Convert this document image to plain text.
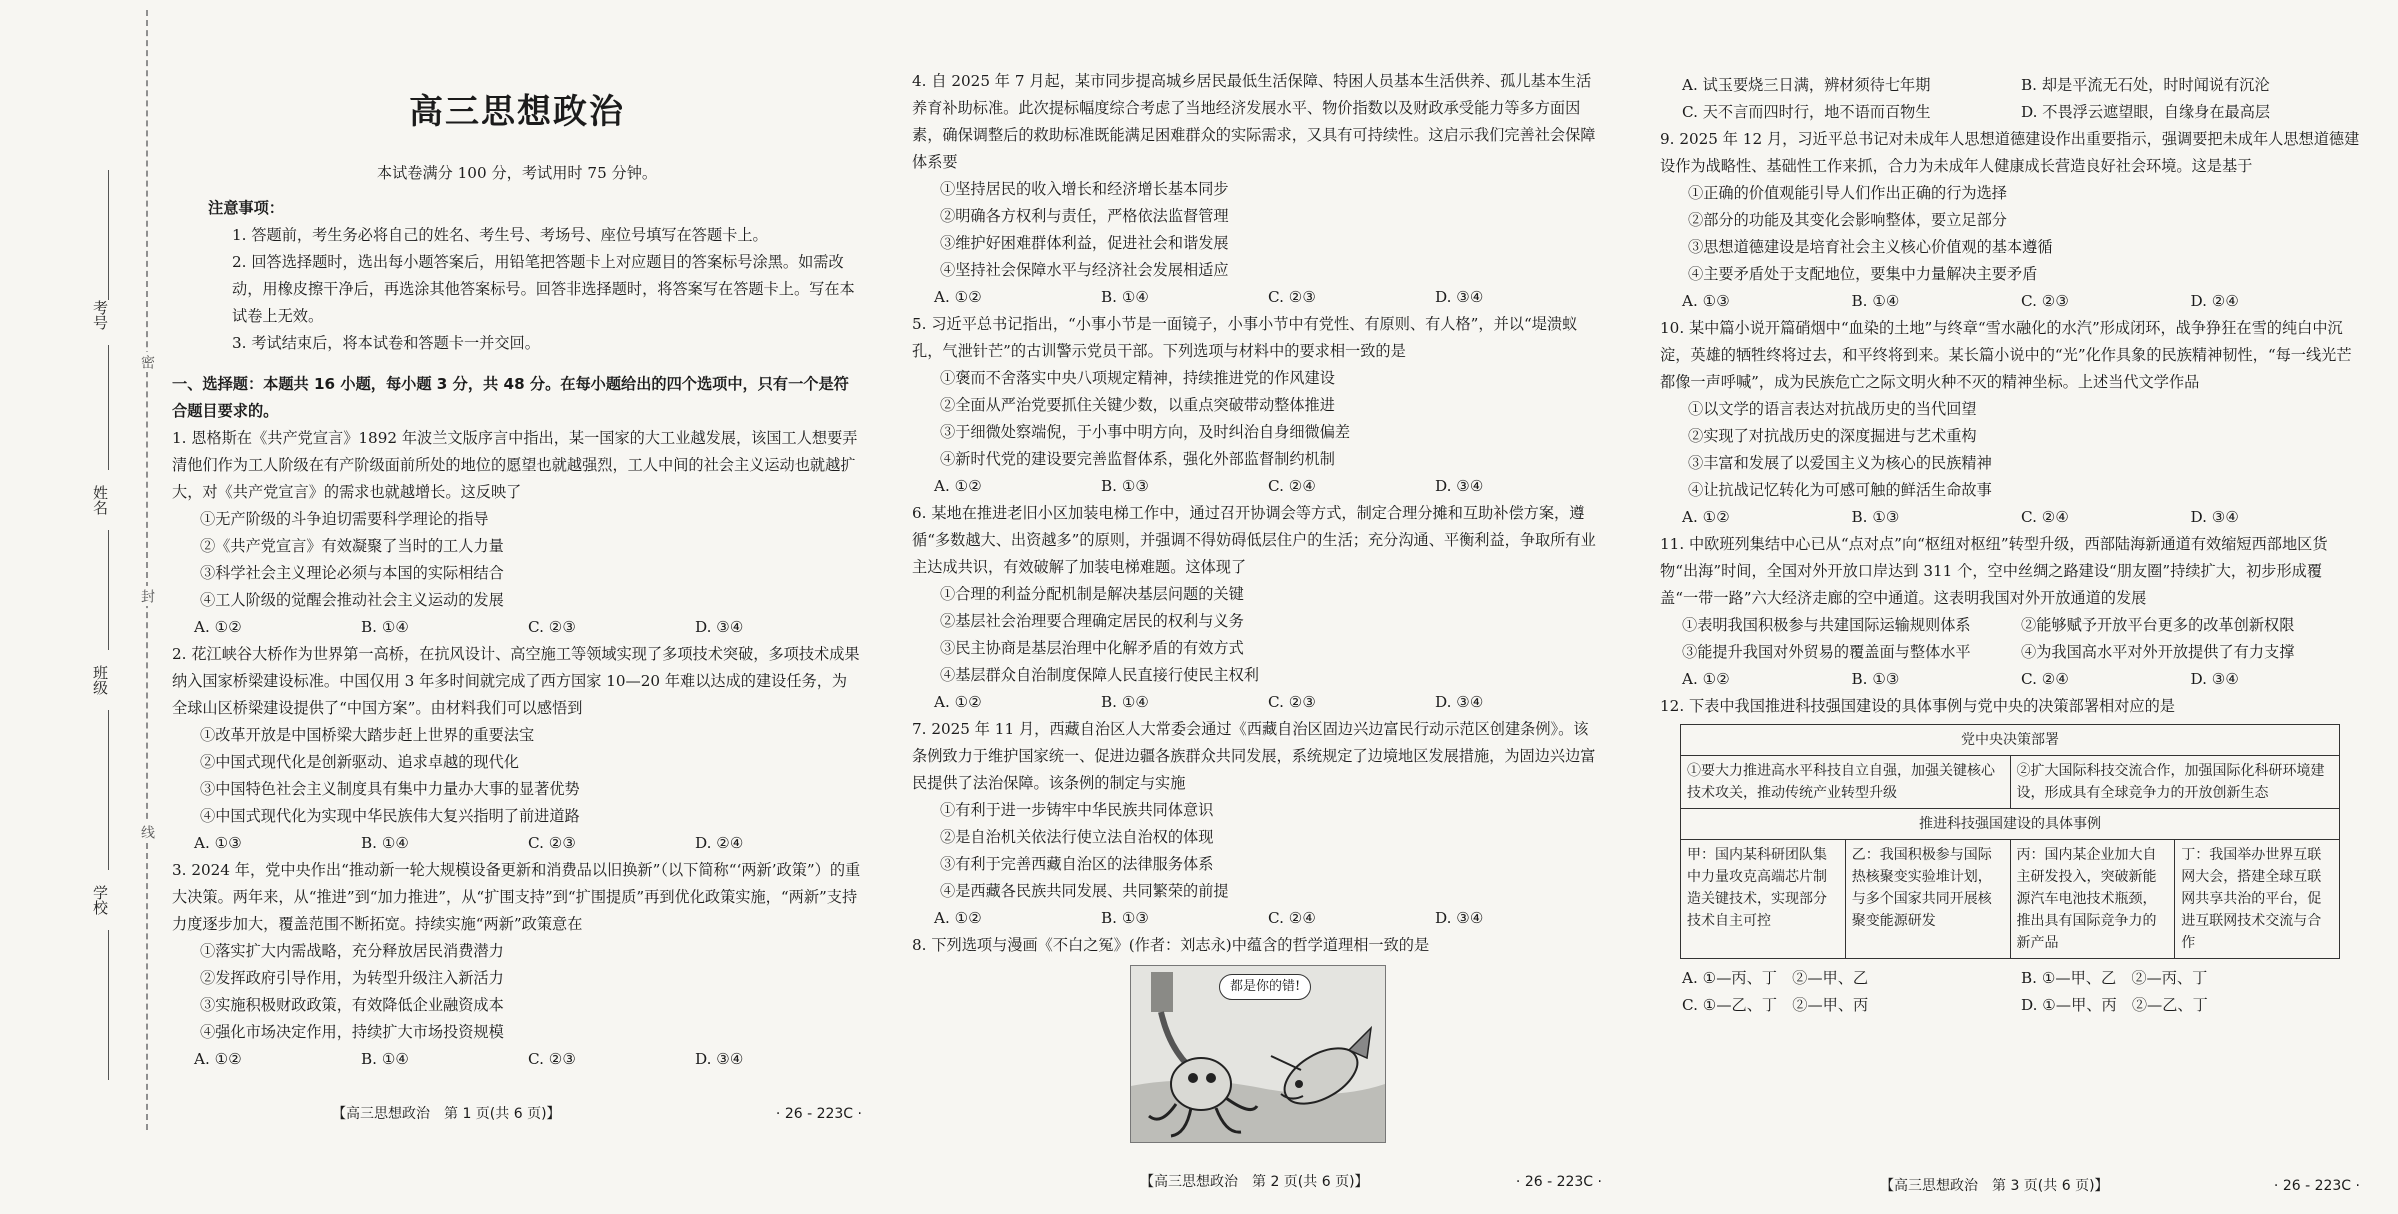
考号
姓名
班级
学校
密
封
线
高三思想政治
本试卷满分 100 分，考试用时 75 分钟。
注意事项：
1. 答题前，考生务必将自己的姓名、考生号、考场号、座位号填写在答题卡上。
2. 回答选择题时，选出每小题答案后，用铅笔把答题卡上对应题目的答案标号涂黑。如需改动，用橡皮擦干净后，再选涂其他答案标号。回答非选择题时，将答案写在答题卡上。写在本试卷上无效。
3. 考试结束后，将本试卷和答题卡一并交回。
一、选择题：本题共 16 小题，每小题 3 分，共 48 分。在每小题给出的四个选项中，只有一个是符合题目要求的。
1. 恩格斯在《共产党宣言》1892 年波兰文版序言中指出，某一国家的大工业越发展，该国工人想要弄清他们作为工人阶级在有产阶级面前所处的地位的愿望也就越强烈，工人中间的社会主义运动也就越扩大，对《共产党宣言》的需求也就越增长。这反映了
①无产阶级的斗争迫切需要科学理论的指导
②《共产党宣言》有效凝聚了当时的工人力量
③科学社会主义理论必须与本国的实际相结合
④工人阶级的觉醒会推动社会主义运动的发展
A. ①②	B. ①④	C. ②③	D. ③④
2. 花江峡谷大桥作为世界第一高桥，在抗风设计、高空施工等领域实现了多项技术突破，多项技术成果纳入国家桥梁建设标准。中国仅用 3 年多时间就完成了西方国家 10—20 年难以达成的建设任务，为全球山区桥梁建设提供了“中国方案”。由材料我们可以感悟到
①改革开放是中国桥梁大踏步赶上世界的重要法宝
②中国式现代化是创新驱动、追求卓越的现代化
③中国特色社会主义制度具有集中力量办大事的显著优势
④中国式现代化为实现中华民族伟大复兴指明了前进道路
A. ①③	B. ①④	C. ②③	D. ②④
3. 2024 年，党中央作出“推动新一轮大规模设备更新和消费品以旧换新”（以下简称“‘两新’政策”）的重大决策。两年来，从“推进”到“加力推进”，从“扩围支持”到“扩围提质”再到优化政策实施，“两新”支持力度逐步加大，覆盖范围不断拓宽。持续实施“两新”政策意在
①落实扩大内需战略，充分释放居民消费潜力
②发挥政府引导作用，为转型升级注入新活力
③实施积极财政政策，有效降低企业融资成本
④强化市场决定作用，持续扩大市场投资规模
A. ①②	B. ①④	C. ②③	D. ③④
【高三思想政治　第 1 页(共 6 页)】	· 26 - 223C ·
4. 自 2025 年 7 月起，某市同步提高城乡居民最低生活保障、特困人员基本生活供养、孤儿基本生活养育补助标准。此次提标幅度综合考虑了当地经济发展水平、物价指数以及财政承受能力等多方面因素，确保调整后的救助标准既能满足困难群众的实际需求，又具有可持续性。这启示我们完善社会保障体系要
①坚持居民的收入增长和经济增长基本同步
②明确各方权利与责任，严格依法监督管理
③维护好困难群体利益，促进社会和谐发展
④坚持社会保障水平与经济社会发展相适应
A. ①②	B. ①④	C. ②③	D. ③④
5. 习近平总书记指出，“小事小节是一面镜子，小事小节中有党性、有原则、有人格”，并以“堤溃蚁孔，气泄针芒”的古训警示党员干部。下列选项与材料中的要求相一致的是
①褒而不舍落实中央八项规定精神，持续推进党的作风建设
②全面从严治党要抓住关键少数，以重点突破带动整体推进
③于细微处察端倪，于小事中明方向，及时纠治自身细微偏差
④新时代党的建设要完善监督体系，强化外部监督制约机制
A. ①②	B. ①③	C. ②④	D. ③④
6. 某地在推进老旧小区加装电梯工作中，通过召开协调会等方式，制定合理分摊和互助补偿方案，遵循“多数越大、出资越多”的原则，并强调不得妨碍低层住户的生活；充分沟通、平衡利益，争取所有业主达成共识，有效破解了加装电梯难题。这体现了
①合理的利益分配机制是解决基层问题的关键
②基层社会治理要合理确定居民的权利与义务
③民主协商是基层治理中化解矛盾的有效方式
④基层群众自治制度保障人民直接行使民主权利
A. ①②	B. ①④	C. ②③	D. ③④
7. 2025 年 11 月，西藏自治区人大常委会通过《西藏自治区固边兴边富民行动示范区创建条例》。该条例致力于维护国家统一、促进边疆各族群众共同发展，系统规定了边境地区发展措施，为固边兴边富民提供了法治保障。该条例的制定与实施
①有利于进一步铸牢中华民族共同体意识
②是自治机关依法行使立法自治权的体现
③有利于完善西藏自治区的法律服务体系
④是西藏各民族共同发展、共同繁荣的前提
A. ①②	B. ①③	C. ②④	D. ③④
8. 下列选项与漫画《不白之冤》(作者：刘志永)中蕴含的哲学道理相一致的是
都是你的错!
【高三思想政治　第 2 页(共 6 页)】	· 26 - 223C ·
A. 试玉要烧三日满，辨材须待七年期	B. 却是平流无石处，时时闻说有沉沦
C. 天不言而四时行，地不语而百物生	D. 不畏浮云遮望眼，自缘身在最高层
9. 2025 年 12 月，习近平总书记对未成年人思想道德建设作出重要指示，强调要把未成年人思想道德建设作为战略性、基础性工作来抓，合力为未成年人健康成长营造良好社会环境。这是基于
①正确的价值观能引导人们作出正确的行为选择
②部分的功能及其变化会影响整体，要立足部分
③思想道德建设是培育社会主义核心价值观的基本遵循
④主要矛盾处于支配地位，要集中力量解决主要矛盾
A. ①③	B. ①④	C. ②③	D. ②④
10. 某中篇小说开篇硝烟中“血染的土地”与终章“雪水融化的水汽”形成闭环，战争狰狂在雪的纯白中沉淀，英雄的牺牲终将过去，和平终将到来。某长篇小说中的“光”化作具象的民族精神韧性，“每一线光芒都像一声呼喊”，成为民族危亡之际文明火种不灭的精神坐标。上述当代文学作品
①以文学的语言表达对抗战历史的当代回望
②实现了对抗战历史的深度掘进与艺术重构
③丰富和发展了以爱国主义为核心的民族精神
④让抗战记忆转化为可感可触的鲜活生命故事
A. ①②	B. ①③	C. ②④	D. ③④
11. 中欧班列集结中心已从“点对点”向“枢纽对枢纽”转型升级，西部陆海新通道有效缩短西部地区货物“出海”时间，全国对外开放口岸达到 311 个，空中丝绸之路建设“朋友圈”持续扩大，初步形成覆盖“一带一路”六大经济走廊的空中通道。这表明我国对外开放通道的发展
①表明我国积极参与共建国际运输规则体系	②能够赋予开放平台更多的改革创新权限
③能提升我国对外贸易的覆盖面与整体水平	④为我国高水平对外开放提供了有力支撑
A. ①②	B. ①③	C. ②④	D. ③④
12. 下表中我国推进科技强国建设的具体事例与党中央的决策部署相对应的是
党中央决策部署			
①要大力推进高水平科技自立自强，加强关键核心技术攻关，推动传统产业转型升级		②扩大国际科技交流合作，加强国际化科研环境建设，形成具有全球竞争力的开放创新生态	
推进科技强国建设的具体事例			
甲：国内某科研团队集中力量攻克高端芯片制造关键技术，实现部分技术自主可控	乙：我国积极参与国际热核聚变实验堆计划，与多个国家共同开展核聚变能源研发	丙：国内某企业加大自主研发投入，突破新能源汽车电池技术瓶颈，推出具有国际竞争力的新产品	丁：我国举办世界互联网大会，搭建全球互联网共享共治的平台，促进互联网技术交流与合作
A. ①—丙、丁　②—甲、乙	B. ①—甲、乙　②—丙、丁
C. ①—乙、丁　②—甲、丙	D. ①—甲、丙　②—乙、丁
【高三思想政治　第 3 页(共 6 页)】	· 26 - 223C ·
